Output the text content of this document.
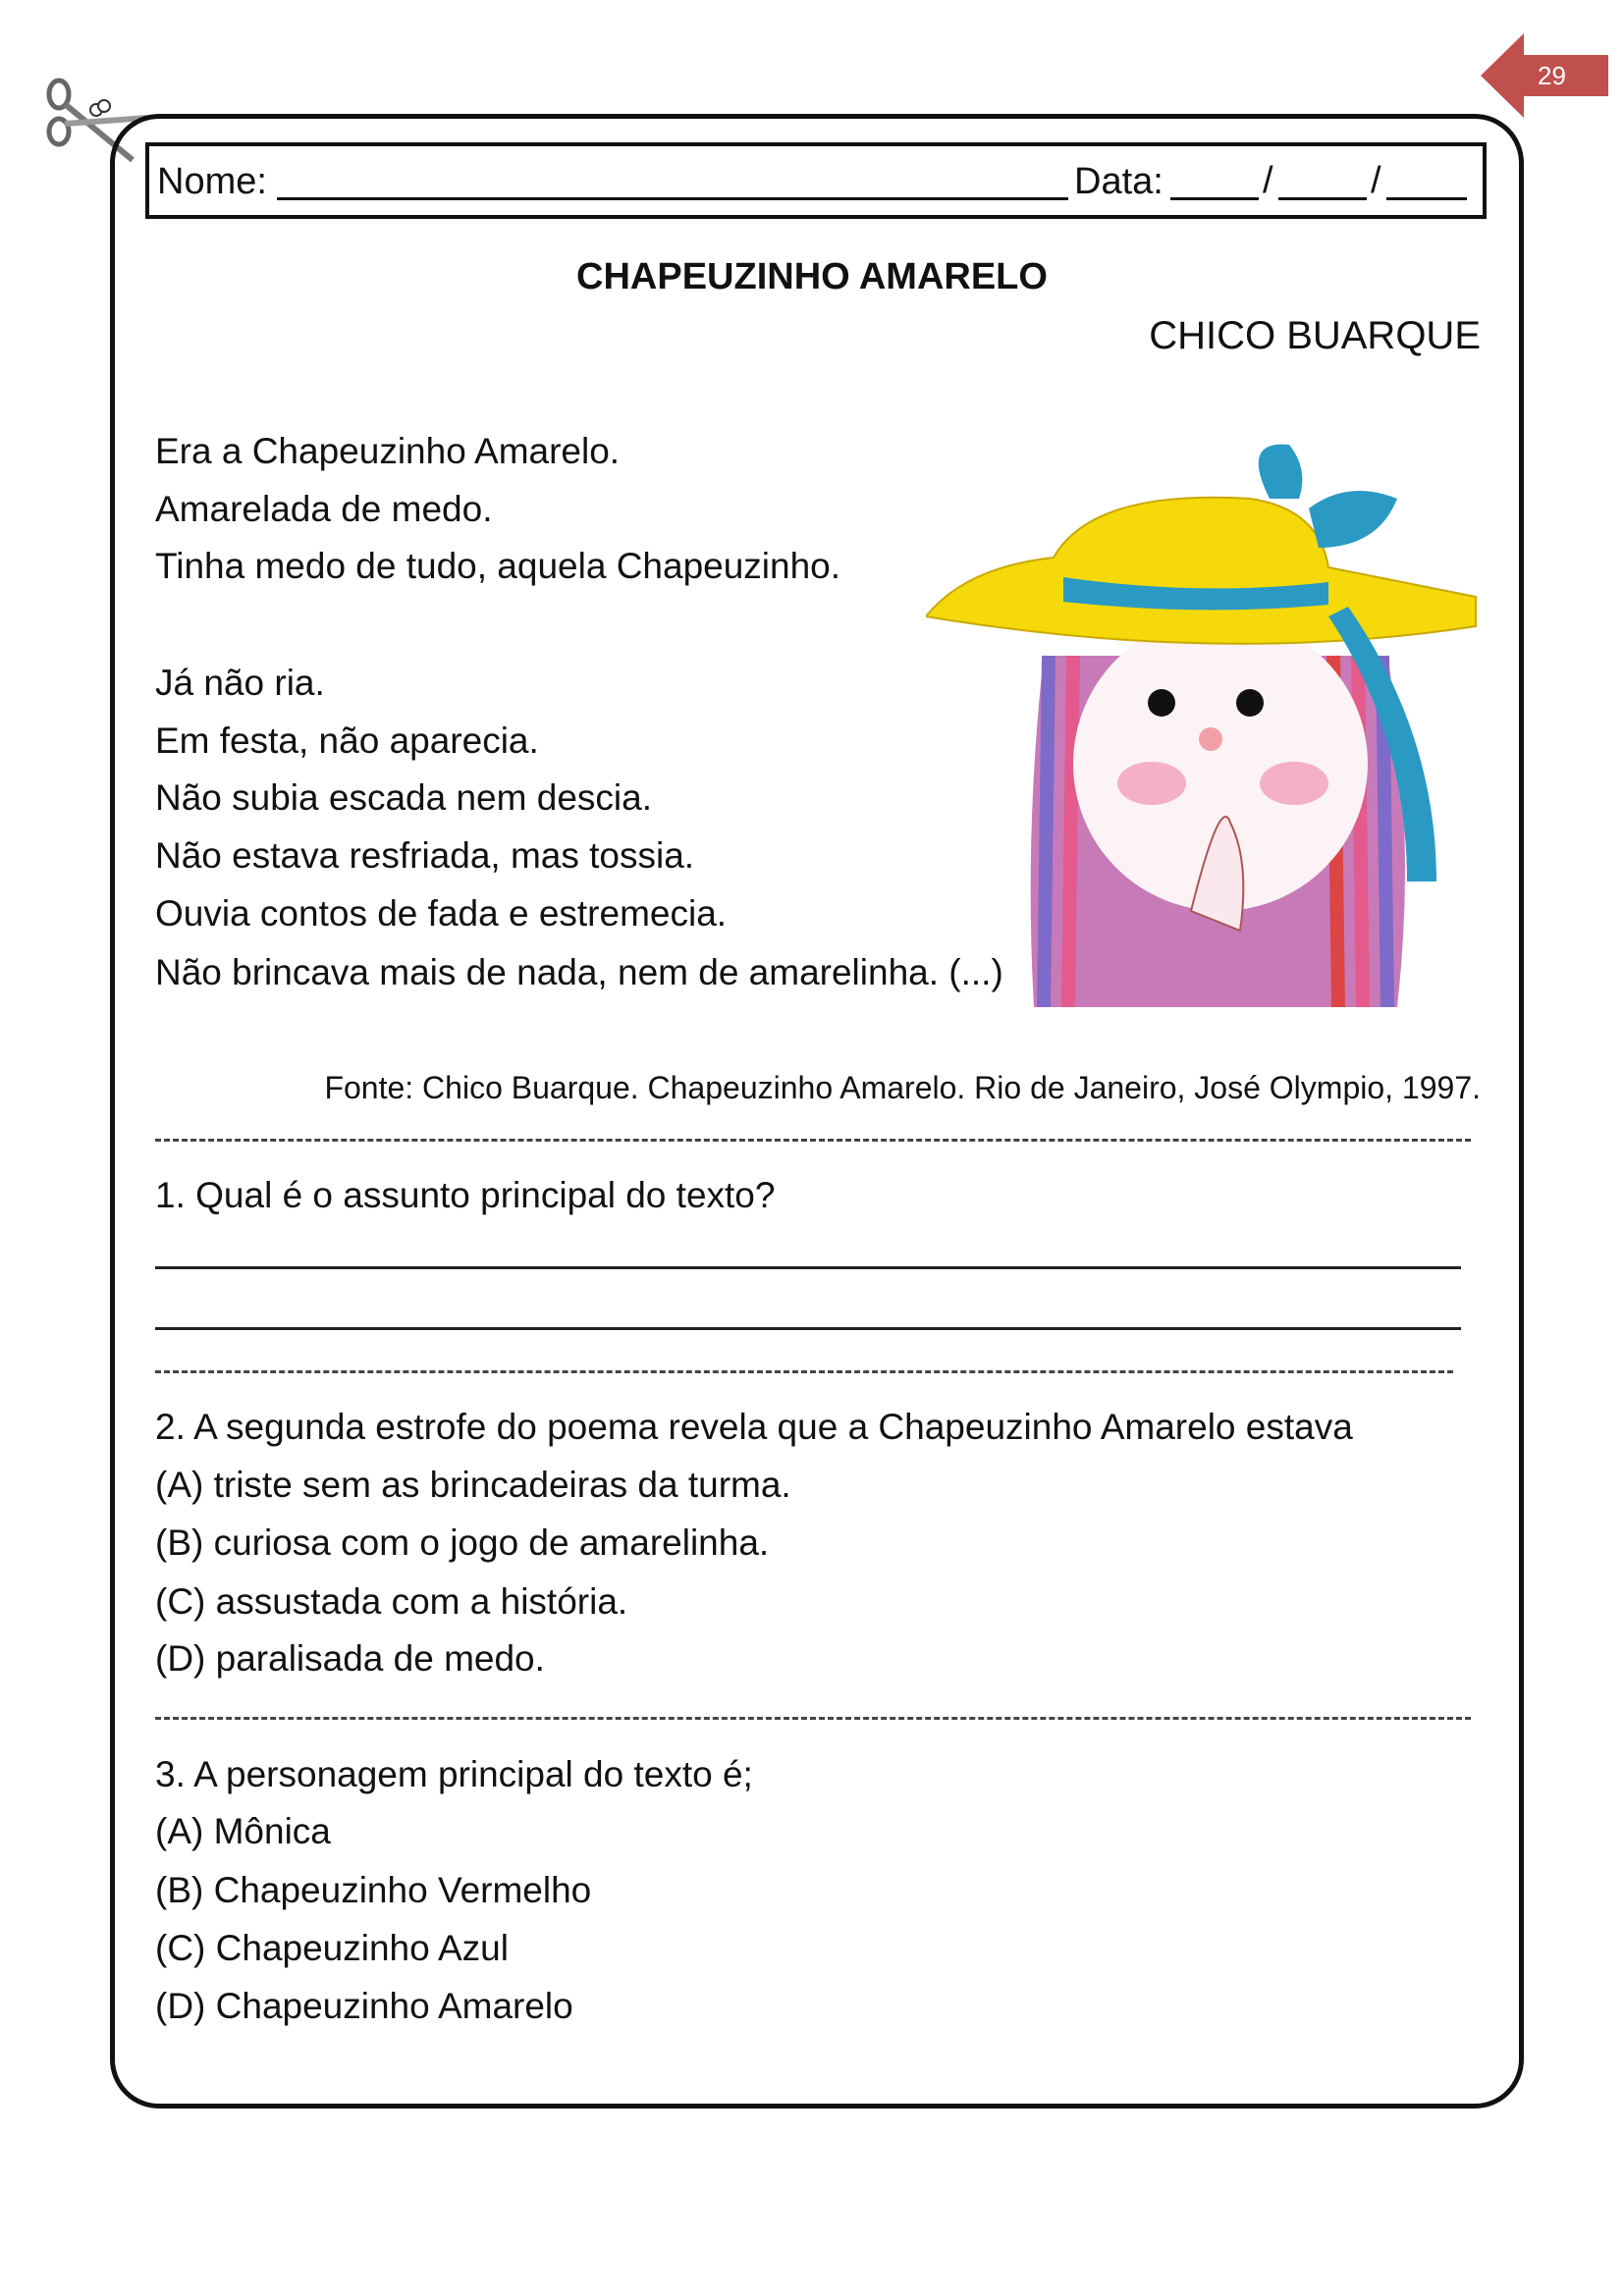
29
Nome:	Data:	/	/
CHAPEUZINHO AMARELO
CHICO BUARQUE
Era a Chapeuzinho Amarelo.
Amarelada de medo.
Tinha medo de tudo, aquela Chapeuzinho.
Já não ria.
Em festa, não aparecia.
Não subia escada nem descia.
Não estava resfriada, mas tossia.
Ouvia contos de fada e estremecia.
Não brincava mais de nada, nem de amarelinha. (...)
Fonte: Chico Buarque. Chapeuzinho Amarelo. Rio de Janeiro, José Olympio, 1997.
1. Qual é o assunto principal do texto?
2. A segunda estrofe do poema revela que a Chapeuzinho Amarelo estava
(A) triste sem as brincadeiras da turma.
(B) curiosa com o jogo de amarelinha.
(C) assustada com a história.
(D) paralisada de medo.
3. A personagem principal do texto é;
(A) Mônica
(B) Chapeuzinho Vermelho
(C) Chapeuzinho Azul
(D) Chapeuzinho Amarelo
